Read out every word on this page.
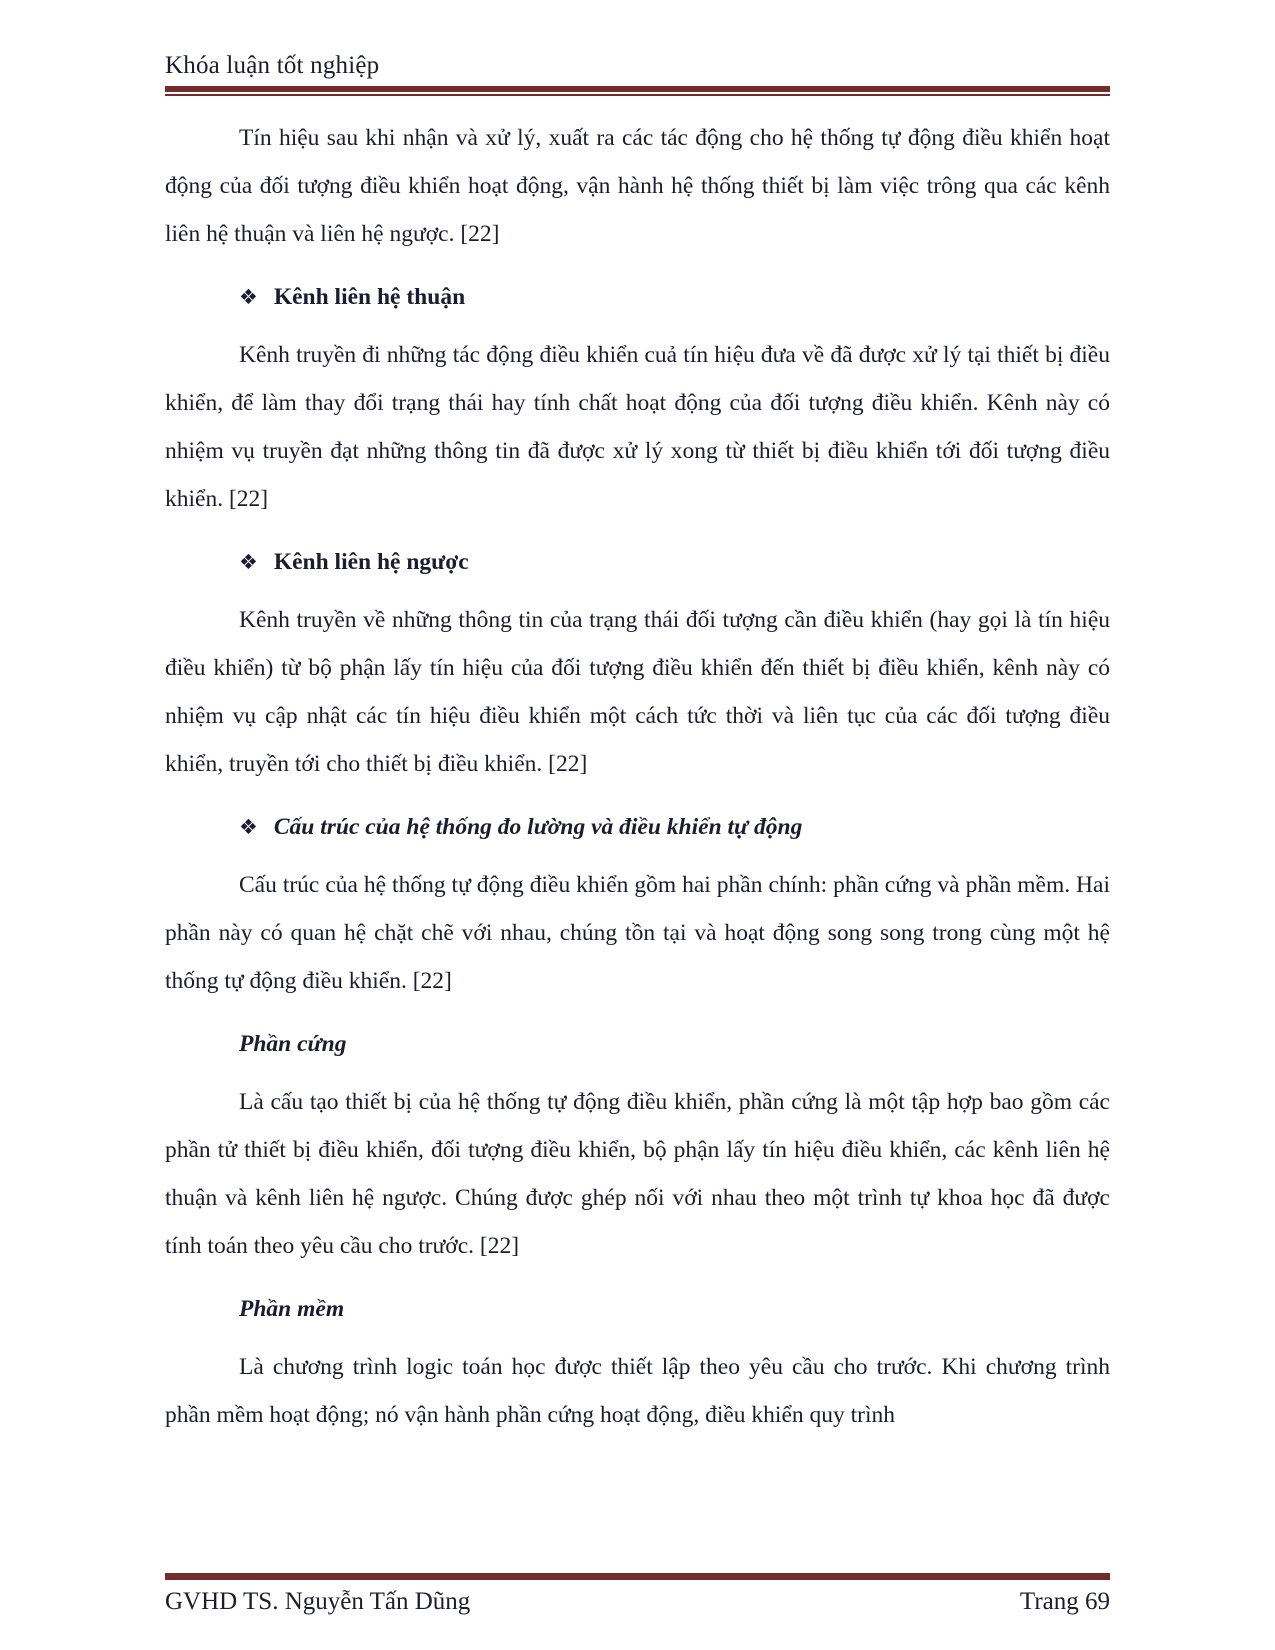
Khóa luận tốt nghiệp

Tín hiệu sau khi nhận và xử lý, xuất ra các tác động cho hệ thống tự động điều khiển hoạt động của đối tượng điều khiển hoạt động, vận hành hệ thống thiết bị làm việc trông qua các kênh liên hệ thuận và liên hệ ngược. [22]

❖ Kênh liên hệ thuận

Kênh truyền đi những tác động điều khiển cuả tín hiệu đưa về đã được xử lý tại thiết bị điều khiển, để làm thay đổi trạng thái hay tính chất hoạt động của đối tượng điều khiển. Kênh này có nhiệm vụ truyền đạt những thông tin đã được xử lý xong từ thiết bị điều khiển tới đối tượng điều khiển. [22]

❖ Kênh liên hệ ngược

Kênh truyền về những thông tin của trạng thái đối tượng cần điều khiển (hay gọi là tín hiệu điều khiển) từ bộ phận lấy tín hiệu của đối tượng điều khiển đến thiết bị điều khiển, kênh này có nhiệm vụ cập nhật các tín hiệu điều khiển một cách tức thời và liên tục của các đối tượng điều khiển, truyền tới cho thiết bị điều khiển. [22]

❖ Cấu trúc của hệ thống đo lường và điều khiển tự động

Cấu trúc của hệ thống tự động điều khiển gồm hai phần chính: phần cứng và phần mềm. Hai phần này có quan hệ chặt chẽ với nhau, chúng tồn tại và hoạt động song song trong cùng một hệ thống tự động điều khiển. [22]

Phần cứng

Là cấu tạo thiết bị của hệ thống tự động điều khiển, phần cứng là một tập hợp bao gồm các phần tử thiết bị điều khiển, đối tượng điều khiển, bộ phận lấy tín hiệu điều khiển, các kênh liên hệ thuận và kênh liên hệ ngược. Chúng được ghép nối với nhau theo một trình tự khoa học đã được tính toán theo yêu cầu cho trước. [22]

Phần mềm

Là chương trình logic toán học được thiết lập theo yêu cầu cho trước. Khi chương trình phần mềm hoạt động; nó vận hành phần cứng hoạt động, điều khiển quy trình

GVHD TS. Nguyễn Tấn Dũng	Trang 69
